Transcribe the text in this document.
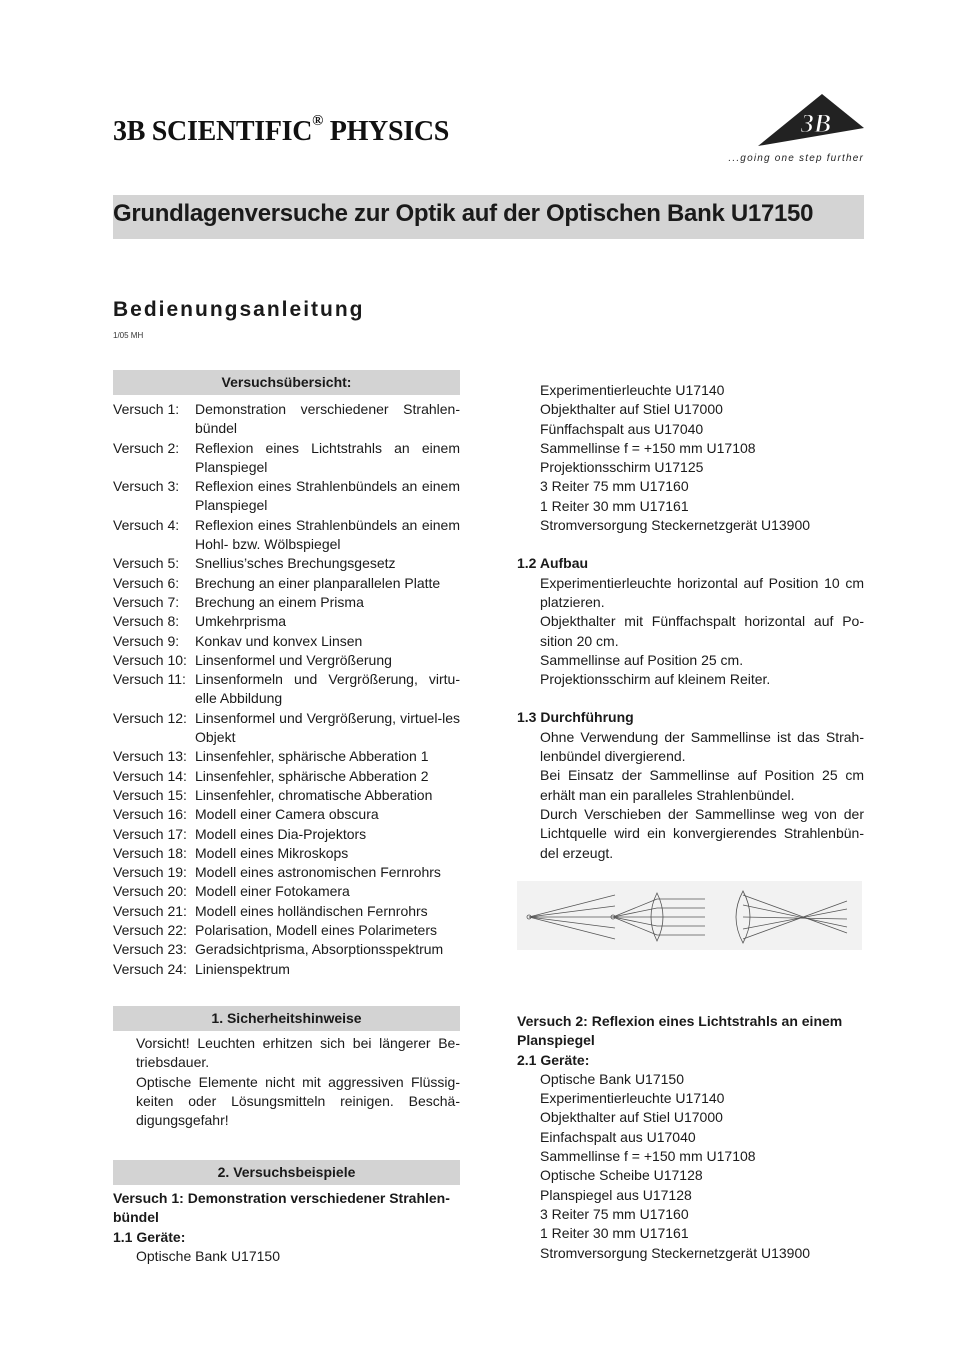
3B SCIENTIFIC® PHYSICS	3B
...going one step further
Grundlagenversuche zur Optik auf der Optischen Bank U17150
Bedienungsanleitung
1/05 MH
Versuchsübersicht:
Versuch 1:	Demonstration verschiedener Strahlen-bündel
Versuch 2:	Reflexion eines Lichtstrahls an einem Planspiegel
Versuch 3:	Reflexion eines Strahlenbündels an einem Planspiegel
Versuch 4:	Reflexion eines Strahlenbündels an einem Hohl- bzw. Wölbspiegel
Versuch 5:	Snellius’sches Brechungsgesetz
Versuch 6:	Brechung an einer planparallelen Platte
Versuch 7:	Brechung an einem Prisma
Versuch 8:	Umkehrprisma
Versuch 9:	Konkav und konvex Linsen
Versuch 10: Linsenformel und Vergrößerung
Versuch 11: Linsenformeln und Vergrößerung, virtu-elle Abbildung
Versuch 12: Linsenformel und Vergrößerung, virtuel-les Objekt
Versuch 13: Linsenfehler, sphärische Abberation 1
Versuch 14: Linsenfehler, sphärische Abberation 2
Versuch 15: Linsenfehler, chromatische Abberation
Versuch 16: Modell einer Camera obscura
Versuch 17: Modell eines Dia-Projektors
Versuch 18: Modell eines Mikroskops
Versuch 19: Modell eines astronomischen Fernrohrs
Versuch 20: Modell einer Fotokamera
Versuch 21: Modell eines holländischen Fernrohrs
Versuch 22: Polarisation, Modell eines Polarimeters
Versuch 23: Geradsichtprisma, Absorptionsspektrum
Versuch 24: Linienspektrum
1. Sicherheitshinweise
Vorsicht! Leuchten erhitzen sich bei längerer Be-triebsdauer.
Optische Elemente nicht mit aggressiven Flüssig-keiten oder Lösungsmitteln reinigen. Beschä-digungsgefahr!
2. Versuchsbeispiele
Versuch 1: Demonstration verschiedener Strahlen-bündel
1.1 Geräte:
Optische Bank U17150
Experimentierleuchte U17140
Objekthalter auf Stiel U17000
Fünffachspalt aus U17040
Sammellinse f = +150 mm U17108
Projektionsschirm U17125
3 Reiter 75 mm U17160
1 Reiter 30 mm U17161
Stromversorgung Steckernetzgerät U13900
1.2 Aufbau
Experimentierleuchte horizontal auf Position 10 cm platzieren.
Objekthalter mit Fünffachspalt horizontal auf Po-sition 20 cm.
Sammellinse auf Position 25 cm.
Projektionsschirm auf kleinem Reiter.
1.3 Durchführung
Ohne Verwendung der Sammellinse ist das Strah-lenbündel divergierend.
Bei Einsatz der Sammellinse auf Position 25 cm erhält man ein paralleles Strahlenbündel.
Durch Verschieben der Sammellinse weg von der Lichtquelle wird ein konvergierendes Strahlenbün-del erzeugt.
Versuch 2: Reflexion eines Lichtstrahls an einem Planspiegel
2.1 Geräte:
Optische Bank U17150
Experimentierleuchte U17140
Objekthalter auf Stiel U17000
Einfachspalt aus U17040
Sammellinse f = +150 mm U17108
Optische Scheibe U17128
Planspiegel aus U17128
3 Reiter 75 mm U17160
1 Reiter 30 mm U17161
Stromversorgung Steckernetzgerät U13900
